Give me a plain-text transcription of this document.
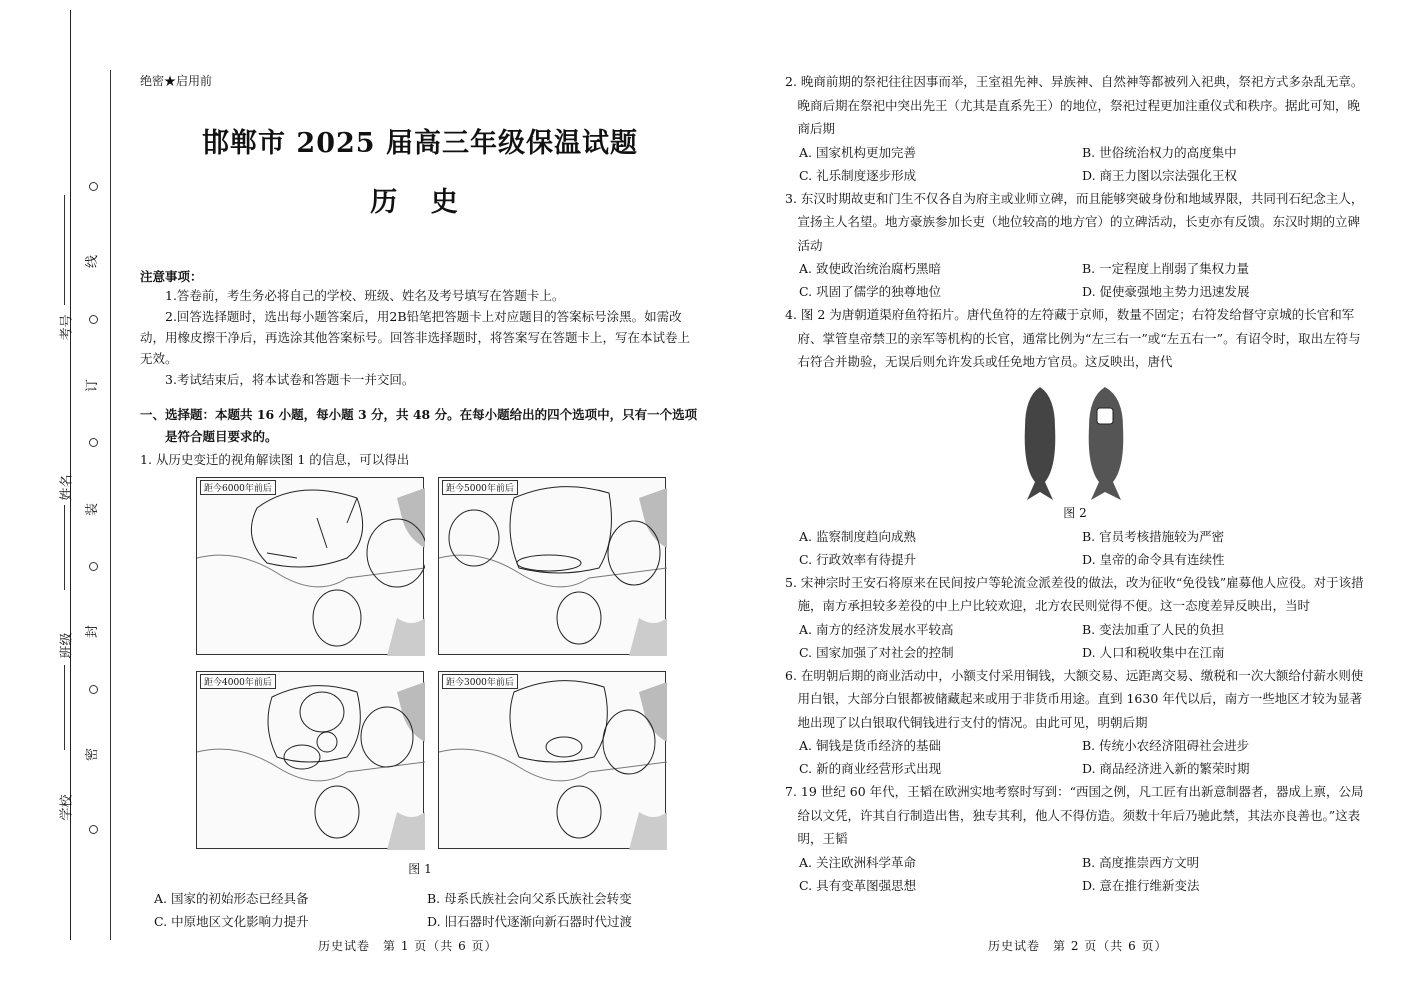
线
订
装
封
密
考号
姓名
班级
学校
绝密★启用前
邯郸市 2025 届高三年级保温试题
历 史
注意事项：
1.答卷前，考生务必将自己的学校、班级、姓名及考号填写在答题卡上。
2.回答选择题时，选出每小题答案后，用2B铅笔把答题卡上对应题目的答案标号涂黑。如需改动，用橡皮擦干净后，再选涂其他答案标号。回答非选择题时，将答案写在答题卡上，写在本试卷上无效。
3.考试结束后，将本试卷和答题卡一并交回。
一、选择题：本题共 16 小题，每小题 3 分，共 48 分。在每小题给出的四个选项中，只有一个选项是符合题目要求的。
1. 从历史变迁的视角解读图 1 的信息，可以得出
距今6000年前后	距今5000年前后
距今4000年前后	距今3000年前后
图 1
A. 国家的初始形态已经具备	B. 母系氏族社会向父系氏族社会转变
C. 中原地区文化影响力提升	D. 旧石器时代逐渐向新石器时代过渡
历史试卷　第 1 页（共 6 页）
2. 晚商前期的祭祀往往因事而举，王室祖先神、异族神、自然神等都被列入祀典，祭祀方式多杂乱无章。晚商后期在祭祀中突出先王（尤其是直系先王）的地位，祭祀过程更加注重仪式和秩序。据此可知，晚商后期
A. 国家机构更加完善	B. 世俗统治权力的高度集中
C. 礼乐制度逐步形成	D. 商王力图以宗法强化王权
3. 东汉时期故吏和门生不仅各自为府主或业师立碑，而且能够突破身份和地域界限，共同刊石纪念主人，宣扬主人名望。地方豪族参加长吏（地位较高的地方官）的立碑活动，长吏亦有反馈。东汉时期的立碑活动
A. 致使政治统治腐朽黑暗	B. 一定程度上削弱了集权力量
C. 巩固了儒学的独尊地位	D. 促使豪强地主势力迅速发展
4. 图 2 为唐朝道渠府鱼符拓片。唐代鱼符的左符藏于京师，数量不固定；右符发给督守京城的长官和军府、掌管皇帝禁卫的亲军等机构的长官，通常比例为“左三右一”或“左五右一”。有诏令时，取出左符与右符合并勘验，无误后则允许发兵或任免地方官员。这反映出，唐代
图 2
A. 监察制度趋向成熟	B. 官员考核措施较为严密
C. 行政效率有待提升	D. 皇帝的命令具有连续性
5. 宋神宗时王安石将原来在民间按户等轮流佥派差役的做法，改为征收“免役钱”雇募他人应役。对于该措施，南方承担较多差役的中上户比较欢迎，北方农民则觉得不便。这一态度差异反映出，当时
A. 南方的经济发展水平较高	B. 变法加重了人民的负担
C. 国家加强了对社会的控制	D. 人口和税收集中在江南
6. 在明朝后期的商业活动中，小额支付采用铜钱，大额交易、远距离交易、缴税和一次大额给付薪水则使用白银，大部分白银都被储藏起来或用于非货币用途。直到 1630 年代以后，南方一些地区才较为显著地出现了以白银取代铜钱进行支付的情况。由此可见，明朝后期
A. 铜钱是货币经济的基础	B. 传统小农经济阻碍社会进步
C. 新的商业经营形式出现	D. 商品经济进入新的繁荣时期
7. 19 世纪 60 年代，王韬在欧洲实地考察时写到：“西国之例，凡工匠有出新意制器者，器成上禀，公局给以文凭，许其自行制造出售，独专其利，他人不得仿造。须数十年后乃驰此禁，其法亦良善也。”这表明，王韬
A. 关注欧洲科学革命	B. 高度推崇西方文明
C. 具有变革图强思想	D. 意在推行维新变法
历史试卷　第 2 页（共 6 页）
